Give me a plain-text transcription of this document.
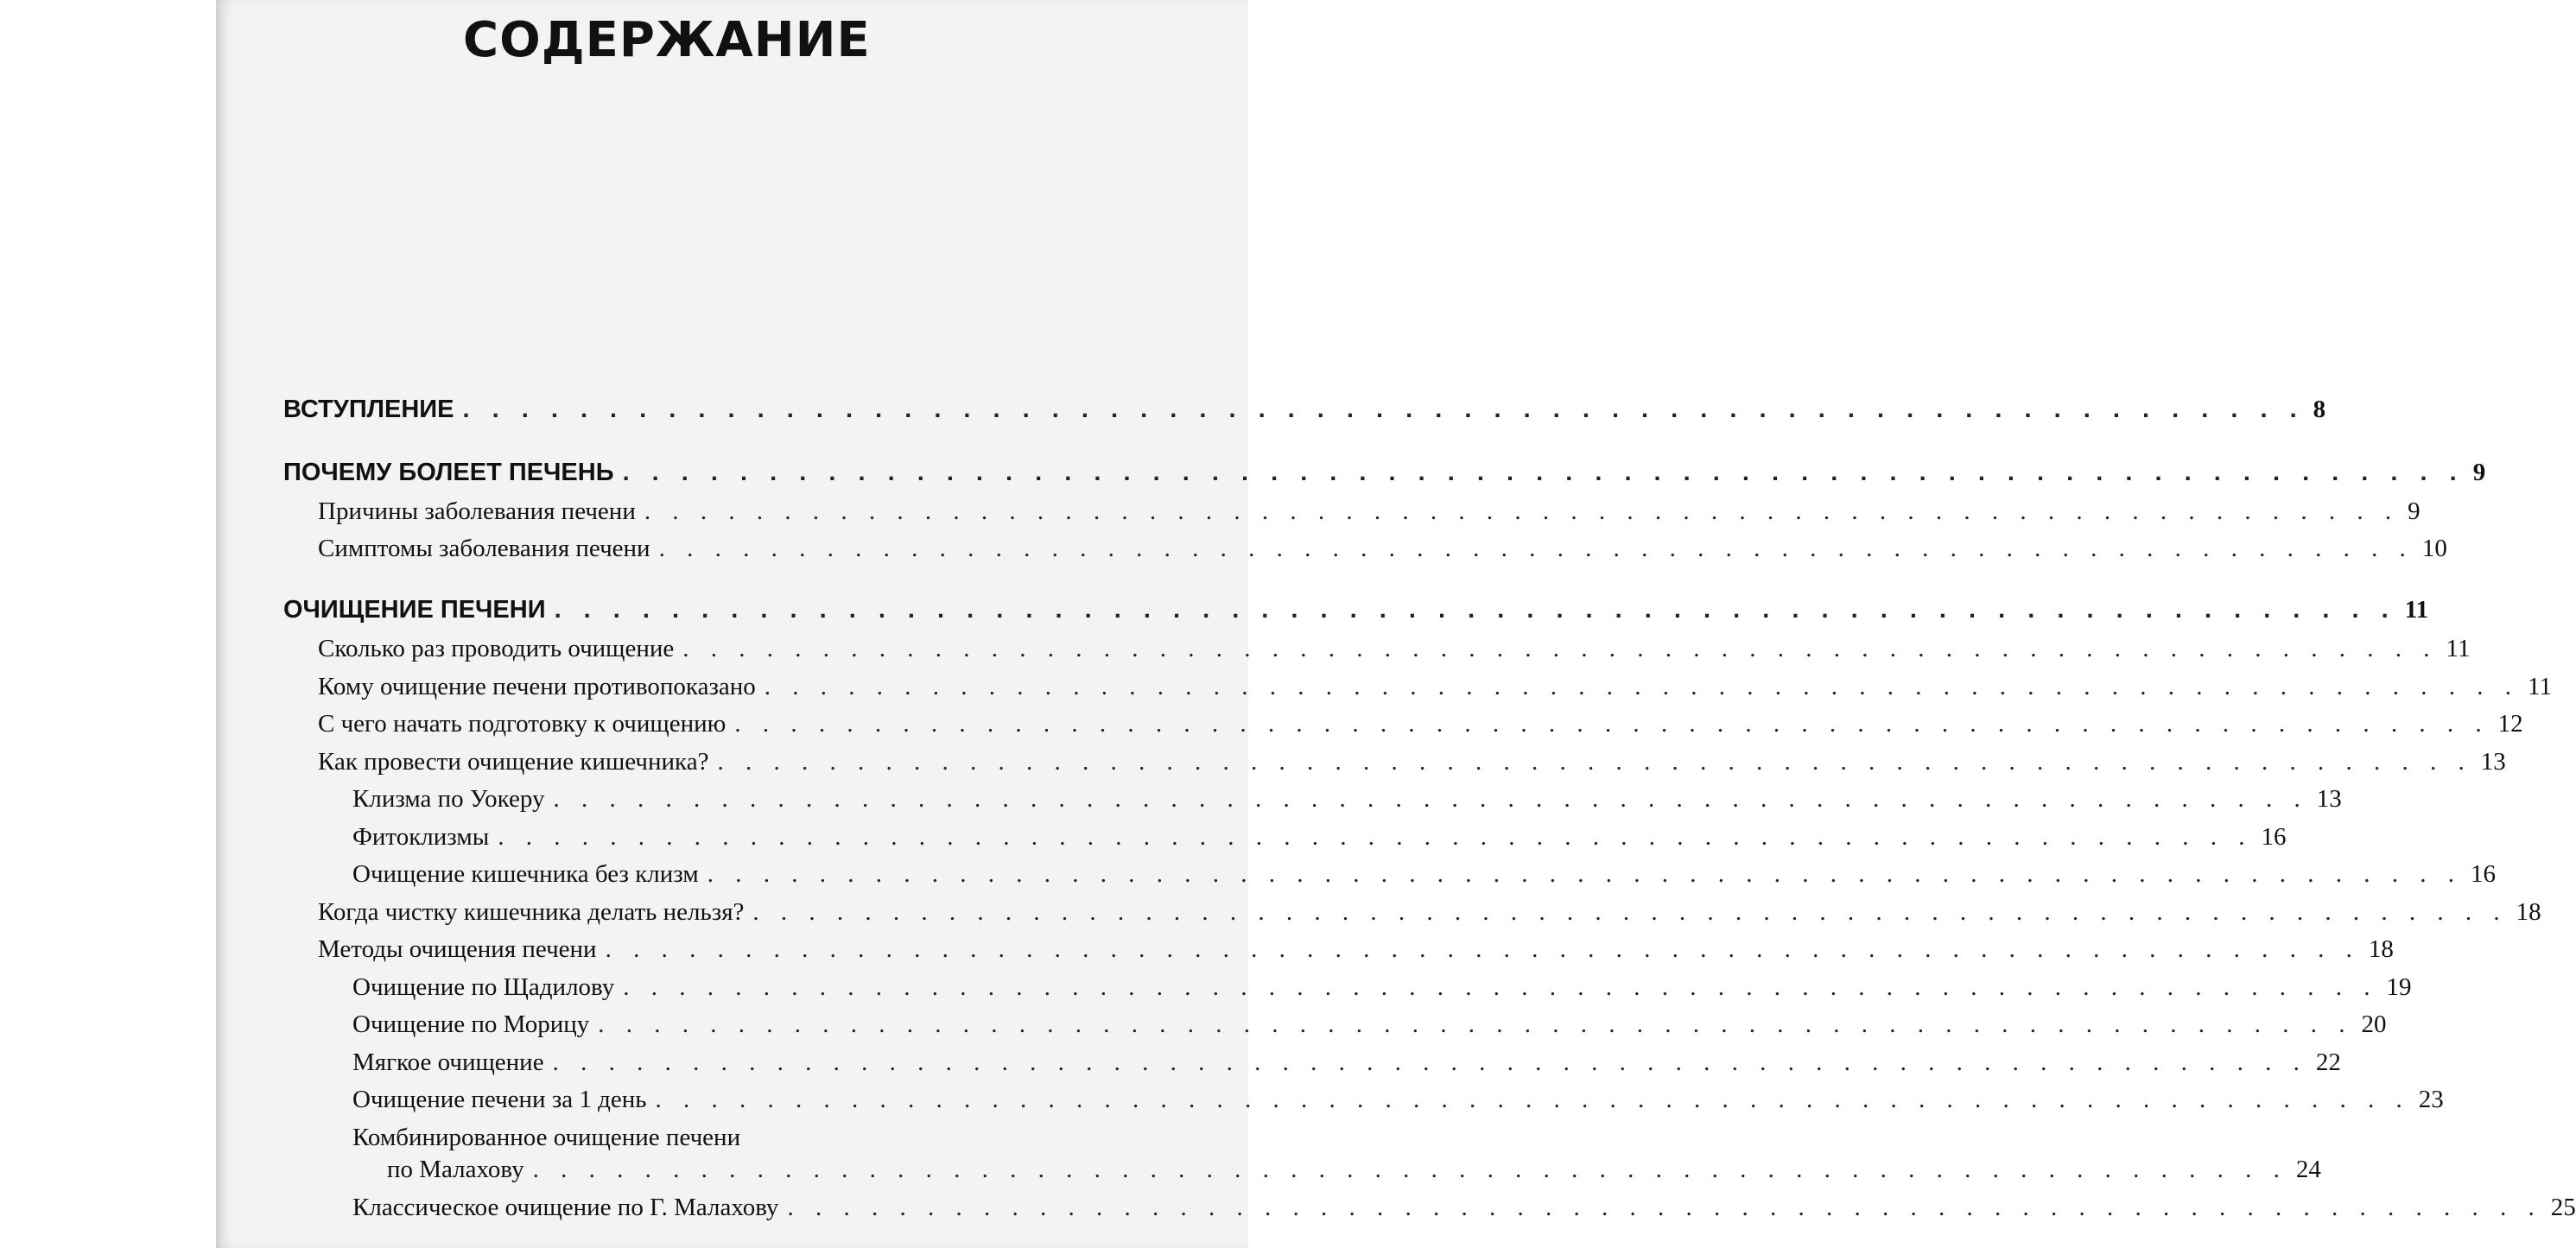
СОДЕРЖАНИЕ
ВСТУПЛЕНИЕ . . . . . . . . . . . . . . . . . . . . . . . . . . . . . . . . . . . . . . . . . . . . . . . . . . . . . . . . . . . . . . . 8
ПОЧЕМУ БОЛЕЕТ ПЕЧЕНЬ . . . . . . . . . . . . . . . . . . . . . . . . . . . . . . . . . . . . . . . . . . . . . . . . . . . . . . . . . . . . . . . 9
Причины заболевания печени . . . . . . . . . . . . . . . . . . . . . . . . . . . . . . . . . . . . . . . . . . . . . . . . . . . . . . . . . . . . . . . 9
Симптомы заболевания печени . . . . . . . . . . . . . . . . . . . . . . . . . . . . . . . . . . . . . . . . . . . . . . . . . . . . . . . . . . . . . . . 10
ОЧИЩЕНИЕ ПЕЧЕНИ . . . . . . . . . . . . . . . . . . . . . . . . . . . . . . . . . . . . . . . . . . . . . . . . . . . . . . . . . . . . . . . 11
Сколько раз проводить очищение . . . . . . . . . . . . . . . . . . . . . . . . . . . . . . . . . . . . . . . . . . . . . . . . . . . . . . . . . . . . . . . 11
Кому очищение печени противопоказано . . . . . . . . . . . . . . . . . . . . . . . . . . . . . . . . . . . . . . . . . . . . . . . . . . . . . . . . . . . . . . . 11
С чего начать подготовку к очищению . . . . . . . . . . . . . . . . . . . . . . . . . . . . . . . . . . . . . . . . . . . . . . . . . . . . . . . . . . . . . . . 12
Как провести очищение кишечника? . . . . . . . . . . . . . . . . . . . . . . . . . . . . . . . . . . . . . . . . . . . . . . . . . . . . . . . . . . . . . . . 13
Клизма по Уокеру . . . . . . . . . . . . . . . . . . . . . . . . . . . . . . . . . . . . . . . . . . . . . . . . . . . . . . . . . . . . . . . 13
Фитоклизмы . . . . . . . . . . . . . . . . . . . . . . . . . . . . . . . . . . . . . . . . . . . . . . . . . . . . . . . . . . . . . . . 16
Очищение кишечника без клизм . . . . . . . . . . . . . . . . . . . . . . . . . . . . . . . . . . . . . . . . . . . . . . . . . . . . . . . . . . . . . . . 16
Когда чистку кишечника делать нельзя? . . . . . . . . . . . . . . . . . . . . . . . . . . . . . . . . . . . . . . . . . . . . . . . . . . . . . . . . . . . . . . . 18
Методы очищения печени . . . . . . . . . . . . . . . . . . . . . . . . . . . . . . . . . . . . . . . . . . . . . . . . . . . . . . . . . . . . . . . 18
Очищение по Щадилову . . . . . . . . . . . . . . . . . . . . . . . . . . . . . . . . . . . . . . . . . . . . . . . . . . . . . . . . . . . . . . . 19
Очищение по Морицу . . . . . . . . . . . . . . . . . . . . . . . . . . . . . . . . . . . . . . . . . . . . . . . . . . . . . . . . . . . . . . . 20
Мягкое очищение . . . . . . . . . . . . . . . . . . . . . . . . . . . . . . . . . . . . . . . . . . . . . . . . . . . . . . . . . . . . . . . 22
Очищение печени за 1 день . . . . . . . . . . . . . . . . . . . . . . . . . . . . . . . . . . . . . . . . . . . . . . . . . . . . . . . . . . . . . . . 23
Комбинированное очищение печени
по Малахову . . . . . . . . . . . . . . . . . . . . . . . . . . . . . . . . . . . . . . . . . . . . . . . . . . . . . . . . . . . . . . . 24
Классическое очищение по Г. Малахову . . . . . . . . . . . . . . . . . . . . . . . . . . . . . . . . . . . . . . . . . . . . . . . . . . . . . . . . . . . . . . . 25
